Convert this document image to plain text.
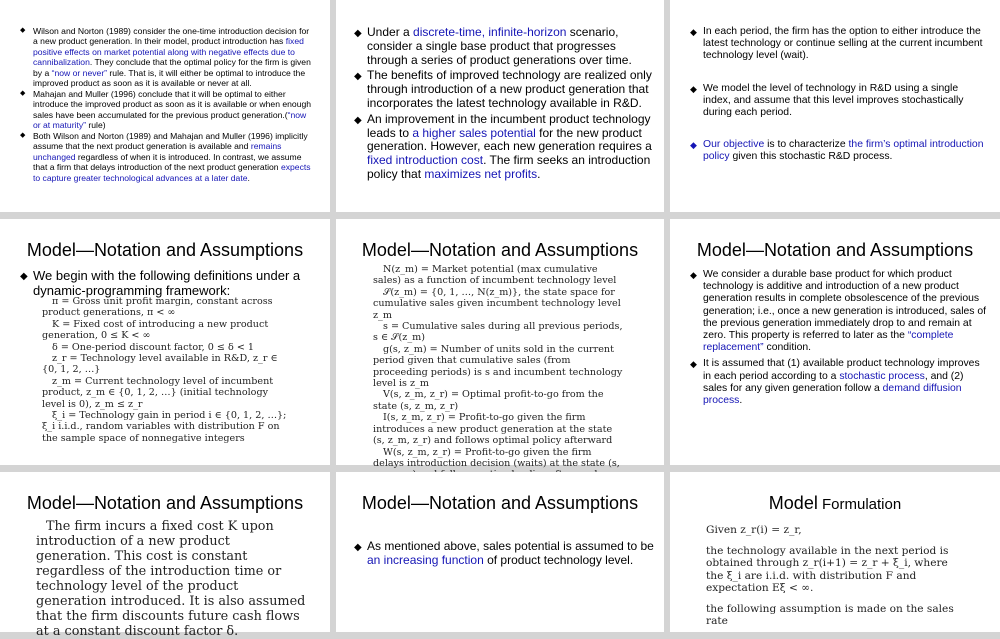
◆ Wilson and Norton (1989) consider the one-time introduction decision for a new product generation. In their model, product introduction has fixed positive effects on market potential along with negative effects due to cannibalization. They conclude that the optimal policy for the firm is given by a “now or never” rule. That is, it will either be optimal to introduce the improved product as soon as it is available or never at all.
◆ Mahajan and Muller (1996) conclude that it will be optimal to either introduce the improved product as soon as it is available or when enough sales have been accumulated for the previous product generation.(“now or at maturity” rule)
◆ Both Wilson and Norton (1989) and Mahajan and Muller (1996) implicitly assume that the next product generation is available and remains unchanged regardless of when it is introduced. In contrast, we assume that a firm that delays introduction of the next product generation expects to capture greater technological advances at a later date.
◆ Under a discrete-time, infinite-horizon scenario, consider a single base product that progresses through a series of product generations over time.
◆ The benefits of improved technology are realized only through introduction of a new product generation that incorporates the latest technology available in R&D.
◆ An improvement in the incumbent product technology leads to a higher sales potential for the new product generation. However, each new generation requires a fixed introduction cost. The firm seeks an introduction policy that maximizes net profits.
◆ In each period, the firm has the option to either introduce the latest technology or continue selling at the current incumbent technology level (wait).
◆ We model the level of technology in R&D using a single index, and assume that this level improves stochastically during each period.
◆ Our objective is to characterize the firm’s optimal introduction policy given this stochastic R&D process.
Model—Notation and Assumptions
◆ We begin with the following definitions under a dynamic-programming framework:

π = Gross unit profit margin, constant across product generations, π < ∞

K = Fixed cost of introducing a new product generation, 0 ≤ K < ∞

δ = One-period discount factor, 0 ≤ δ < 1

z_r = Technology level available in R&D, z_r ∈ {0, 1, 2, …}

z_m = Current technology level of incumbent product, z_m ∈ {0, 1, 2, …} (initial technology level is 0), z_m ≤ z_r

ξ_i = Technology gain in period i ∈ {0, 1, 2, …}; ξ_i i.i.d., random variables with distribution F on the sample space of nonnegative integers

Model—Notation and Assumptions

N(z_m) = Market potential (max cumulative sales) as a function of incumbent technology level

𝒮(z_m) = {0, 1, …, N(z_m)}, the state space for cumulative sales given incumbent technology level z_m

s = Cumulative sales during all previous periods, s ∈ 𝒮(z_m)

g(s, z_m) = Number of units sold in the current period given that cumulative sales (from proceeding periods) is s and incumbent technology level is z_m

V(s, z_m, z_r) = Optimal profit-to-go from the state (s, z_m, z_r)

I(s, z_m, z_r) = Profit-to-go given the firm introduces a new product generation at the state (s, z_m, z_r) and follows optimal policy afterward

W(s, z_m, z_r) = Profit-to-go given the firm delays introduction decision (waits) at the state (s,

Model—Notation and Assumptions
◆ We consider a durable base product for which product technology is additive and introduction of a new product generation results in complete obsolescence of the previous generation; i.e., once a new generation is introduced, sales of the previous generation immediately drop to and remain at zero. This property is referred to later as the “complete replacement” condition.
◆ It is assumed that (1) available product technology improves in each period according to a stochastic process, and (2) sales for any given generation follow a demand diffusion process.
Model—Notation and Assumptions
The firm incurs a fixed cost K upon introduction of a new product generation. This cost is constant regardless of the introduction time or technology level of the product generation introduced. It is also assumed that the firm discounts future cash flows at a constant discount factor δ.
Model—Notation and Assumptions
◆ As mentioned above, sales potential is assumed to be an increasing function of product technology level.
Model Formulation

Given z_r(i) = z_r,

the technology available in the next period is obtained through z_r(i+1) = z_r + ξ_i, where the ξ_i are i.i.d. with distribution F and expectation Eξ < ∞.

the following assumption is made on the sales rate
